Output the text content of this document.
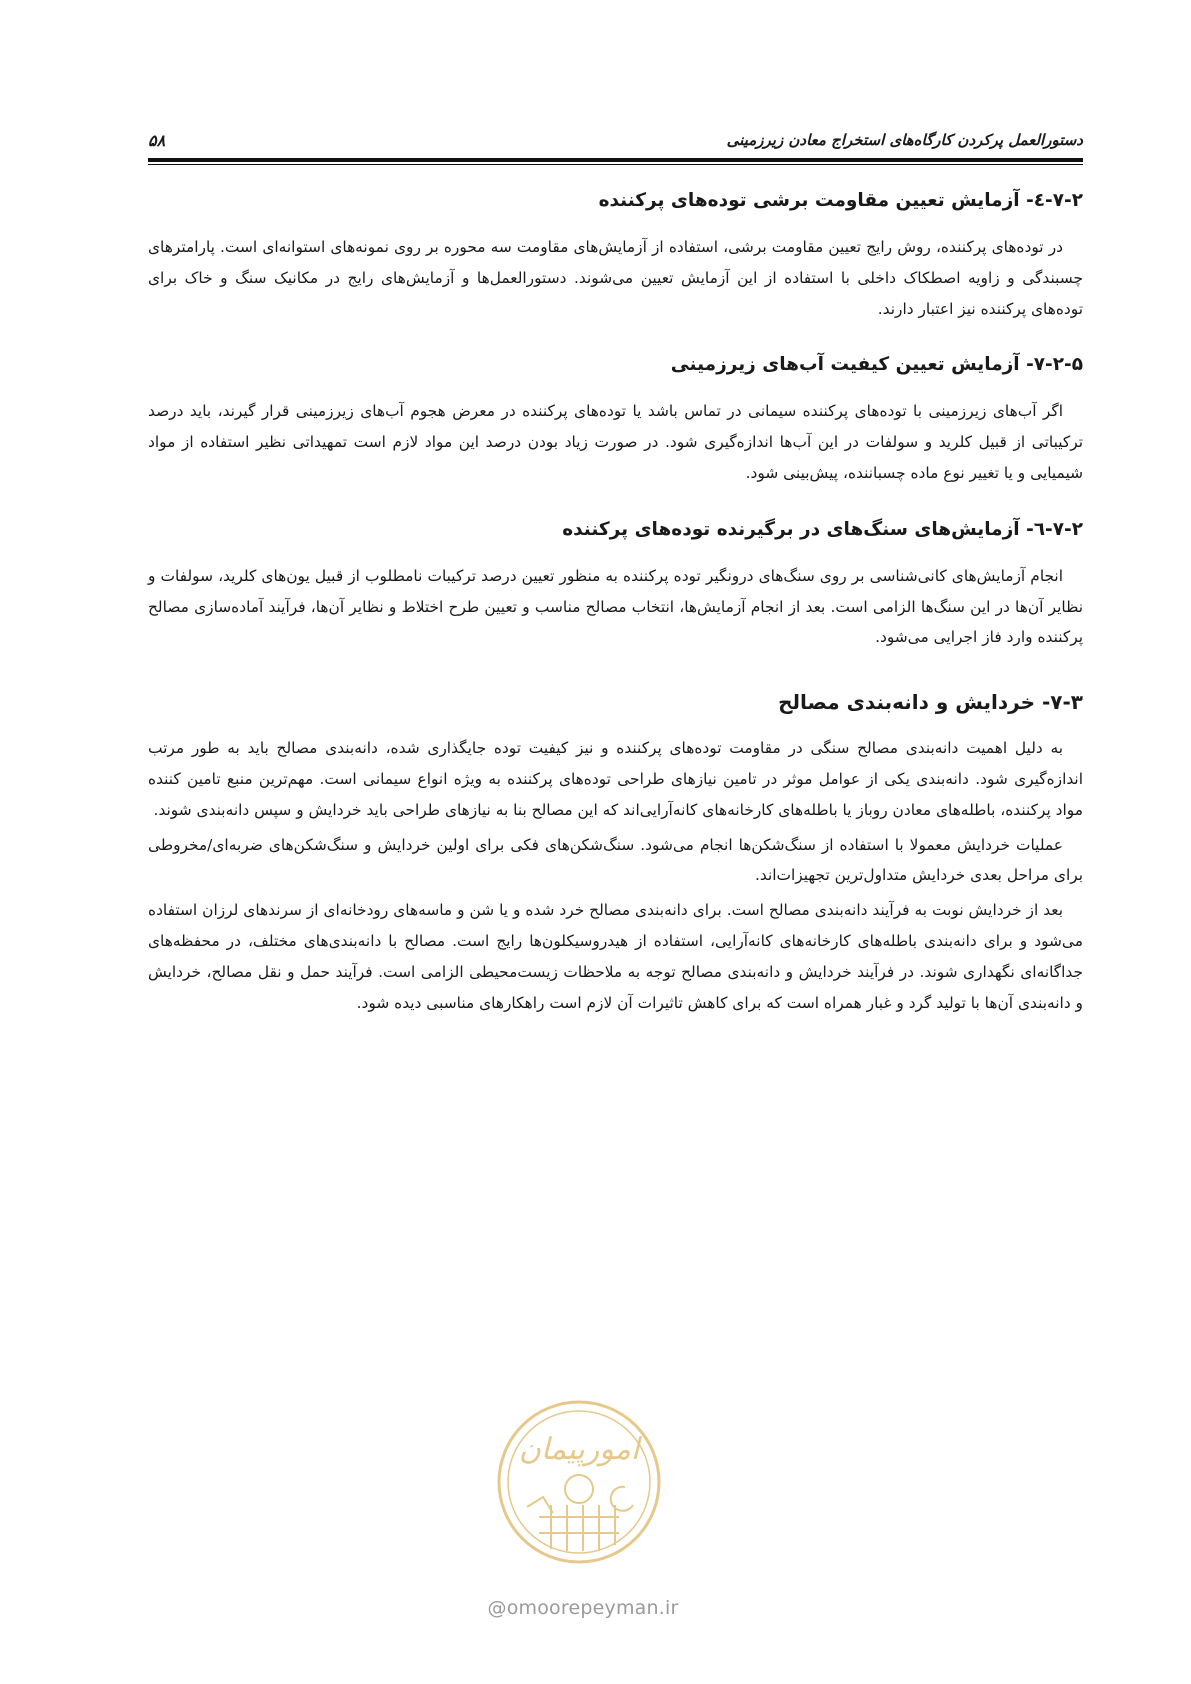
دستورالعمل پرکردن کارگاه‌های استخراج معادن زیرزمینی
۵۸
۷-۲-٤- آزمایش تعیین مقاومت برشی توده‌های پرکننده

در توده‌های پرکننده، روش رایج تعیین مقاومت برشی، استفاده از آزمایش‌های مقاومت سه محوره بر روی نمونه‌های استوانه‌ای است. پارامترهای چسبندگی و زاویه اصطکاک داخلی با استفاده از این آزمایش تعیین می‌شوند. دستورالعمل‌ها و آزمایش‌های رایج در مکانیک سنگ و خاک برای توده‌های پرکننده نیز اعتبار دارند.

۷-۲-۵- آزمایش تعیین کیفیت آب‌های زیرزمینی

اگر آب‌های زیرزمینی با توده‌های پرکننده سیمانی در تماس باشد یا توده‌های پرکننده در معرض هجوم آب‌های زیرزمینی قرار گیرند، باید درصد ترکیباتی از قبیل کلرید و سولفات در این آب‌ها اندازه‌گیری شود. در صورت زیاد بودن درصد این مواد لازم است تمهیداتی نظیر استفاده از مواد شیمیایی و یا تغییر نوع ماده چسباننده، پیش‌بینی شود.

۷-۲-٦- آزمایش‌های سنگ‌های در برگیرنده توده‌های پرکننده

انجام آزمایش‌های کانی‌شناسی بر روی سنگ‌های درونگیر توده پرکننده به منظور تعیین درصد ترکیبات نامطلوب از قبیل یون‌های کلرید، سولفات و نظایر آن‌ها در این سنگ‌ها الزامی است. بعد از انجام آزمایش‌ها، انتخاب مصالح مناسب و تعیین طرح اختلاط و نظایر آن‌ها، فرآیند آماده‌سازی مصالح پرکننده وارد فاز اجرایی می‌شود.

۷-۳- خردایش و دانه‌بندی مصالح

به دلیل اهمیت دانه‌بندی مصالح سنگی در مقاومت توده‌های پرکننده و نیز کیفیت توده جایگذاری شده، دانه‌بندی مصالح باید به طور مرتب اندازه‌گیری شود. دانه‌بندی یکی از عوامل موثر در تامین نیازهای طراحی توده‌های پرکننده به ویژه انواع سیمانی است. مهم‌ترین منبع تامین کننده مواد پرکننده، باطله‌های معادن روباز یا باطله‌های کارخانه‌های کانه‌آرایی‌اند که این مصالح بنا به نیازهای طراحی باید خردایش و سپس دانه‌بندی شوند.

عملیات خردایش معمولا با استفاده از سنگ‌شکن‌ها انجام می‌شود. سنگ‌شکن‌های فکی برای اولین خردایش و سنگ‌شکن‌های ضربه‌ای/مخروطی برای مراحل بعدی خردایش متداول‌ترین تجهیزات‌اند.

بعد از خردایش نوبت به فرآیند دانه‌بندی مصالح است. برای دانه‌بندی مصالح خرد شده و یا شن و ماسه‌های رودخانه‌ای از سرندهای لرزان استفاده می‌شود و برای دانه‌بندی باطله‌های کارخانه‌های کانه‌آرایی، استفاده از هیدروسیکلون‌ها رایج است. مصالح با دانه‌بندی‌های مختلف، در محفظه‌های جداگانه‌ای نگهداری شوند. در فرآیند خردایش و دانه‌بندی مصالح توجه به ملاحظات زیست‌محیطی الزامی است. فرآیند حمل و نقل مصالح، خردایش و دانه‌بندی آن‌ها با تولید گرد و غبار همراه است که برای کاهش تاثیرات آن لازم است راهکارهای مناسبی دیده شود.

امورپیمان
@omoorepeyman.ir
